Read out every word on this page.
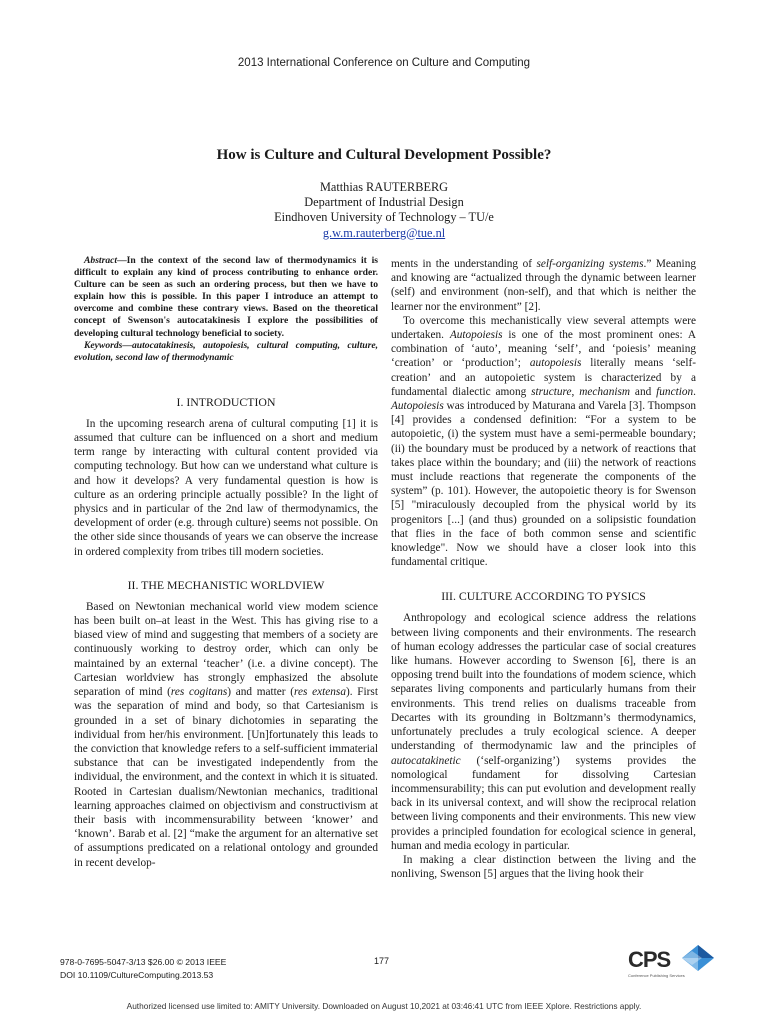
2013 International Conference on Culture and Computing
How is Culture and Cultural Development Possible?
Matthias RAUTERBERG
Department of Industrial Design
Eindhoven University of Technology – TU/e
g.w.m.rauterberg@tue.nl

Abstract—In the context of the second law of thermodynamics it is difficult to explain any kind of process contributing to enhance order. Culture can be seen as such an ordering process, but then we have to explain how this is possible. In this paper I introduce an attempt to overcome and combine these contrary views. Based on the theoretical concept of Swenson's autocatakinesis I explore the possibilities of developing cultural technology beneficial to society.

Keywords—autocatakinesis, autopoiesis, cultural computing, culture, evolution, second law of thermodynamic

I. INTRODUCTION

In the upcoming research arena of cultural computing [1] it is assumed that culture can be influenced on a short and medium term range by interacting with cultural content provided via computing technology. But how can we understand what culture is and how it develops? A very fundamental question is how is culture as an ordering principle actually possible? In the light of physics and in particular of the 2nd law of thermodynamics, the development of order (e.g. through culture) seems not possible. On the other side since thousands of years we can observe the increase in ordered complexity from tribes till modern societies.

II. THE MECHANISTIC WORLDVIEW

Based on Newtonian mechanical world view modem science has been built on–at least in the West. This has giving rise to a biased view of mind and suggesting that members of a society are continuously working to destroy order, which can only be maintained by an external ‘teacher’ (i.e. a divine concept). The Cartesian worldview has strongly emphasized the absolute separation of mind (res cogitans) and matter (res extensa). First was the separation of mind and body, so that Cartesianism is grounded in a set of binary dichotomies in separating the individual from her/his environment. [Un]fortunately this leads to the conviction that knowledge refers to a self-sufficient immaterial substance that can be investigated independently from the individual, the environment, and the context in which it is situated. Rooted in Cartesian dualism/Newtonian mechanics, traditional learning approaches claimed on objectivism and constructivism at their basis with incommensurability between ‘knower’ and ‘known’. Barab et al. [2] “make the argument for an alternative set of assumptions predicated on a relational ontology and grounded in recent develop-

ments in the understanding of self-organizing systems.” Meaning and knowing are “actualized through the dynamic between learner (self) and environment (non-self), and that which is neither the learner nor the environment” [2].

To overcome this mechanistically view several attempts were undertaken. Autopoiesis is one of the most prominent ones: A combination of ‘auto’, meaning ‘self’, and ‘poiesis’ meaning ‘creation’ or ‘production’; autopoiesis literally means ‘self-creation’ and an autopoietic system is characterized by a fundamental dialectic among structure, mechanism and function. Autopoiesis was introduced by Maturana and Varela [3]. Thompson [4] provides a condensed definition: “For a system to be autopoietic, (i) the system must have a semi-permeable boundary; (ii) the boundary must be produced by a network of reactions that takes place within the boundary; and (iii) the network of reactions must include reactions that regenerate the components of the system” (p. 101). However, the autopoietic theory is for Swenson [5] "miraculously decoupled from the physical world by its progenitors [...] (and thus) grounded on a solipsistic foundation that flies in the face of both common sense and scientific knowledge". Now we should have a closer look into this fundamental critique.

III. CULTURE ACCORDING TO PYSICS

Anthropology and ecological science address the relations between living components and their environments. The research of human ecology addresses the particular case of social creatures like humans. However according to Swenson [6], there is an opposing trend built into the foundations of modem science, which separates living components and particularly humans from their environments. This trend relies on dualisms traceable from Decartes with its grounding in Boltzmann’s thermodynamics, unfortunately precludes a truly ecological science. A deeper understanding of thermodynamic law and the principles of autocatakinetic (‘self-organizing’) systems provides the nomological fundament for dissolving Cartesian incommensurability; this can put evolution and development really back in its universal context, and will show the reciprocal relation between living components and their environments. This new view provides a principled foundation for ecological science in general, human and media ecology in particular.

In making a clear distinction between the living and the nonliving, Swenson [5] argues that the living hook their

978-0-7695-5047-3/13 $26.00 © 2013 IEEE
DOI 10.1109/CultureComputing.2013.53
177	CPS
Conference Publishing Services
Authorized licensed use limited to: AMITY University. Downloaded on August 10,2021 at 03:46:41 UTC from IEEE Xplore. Restrictions apply.
